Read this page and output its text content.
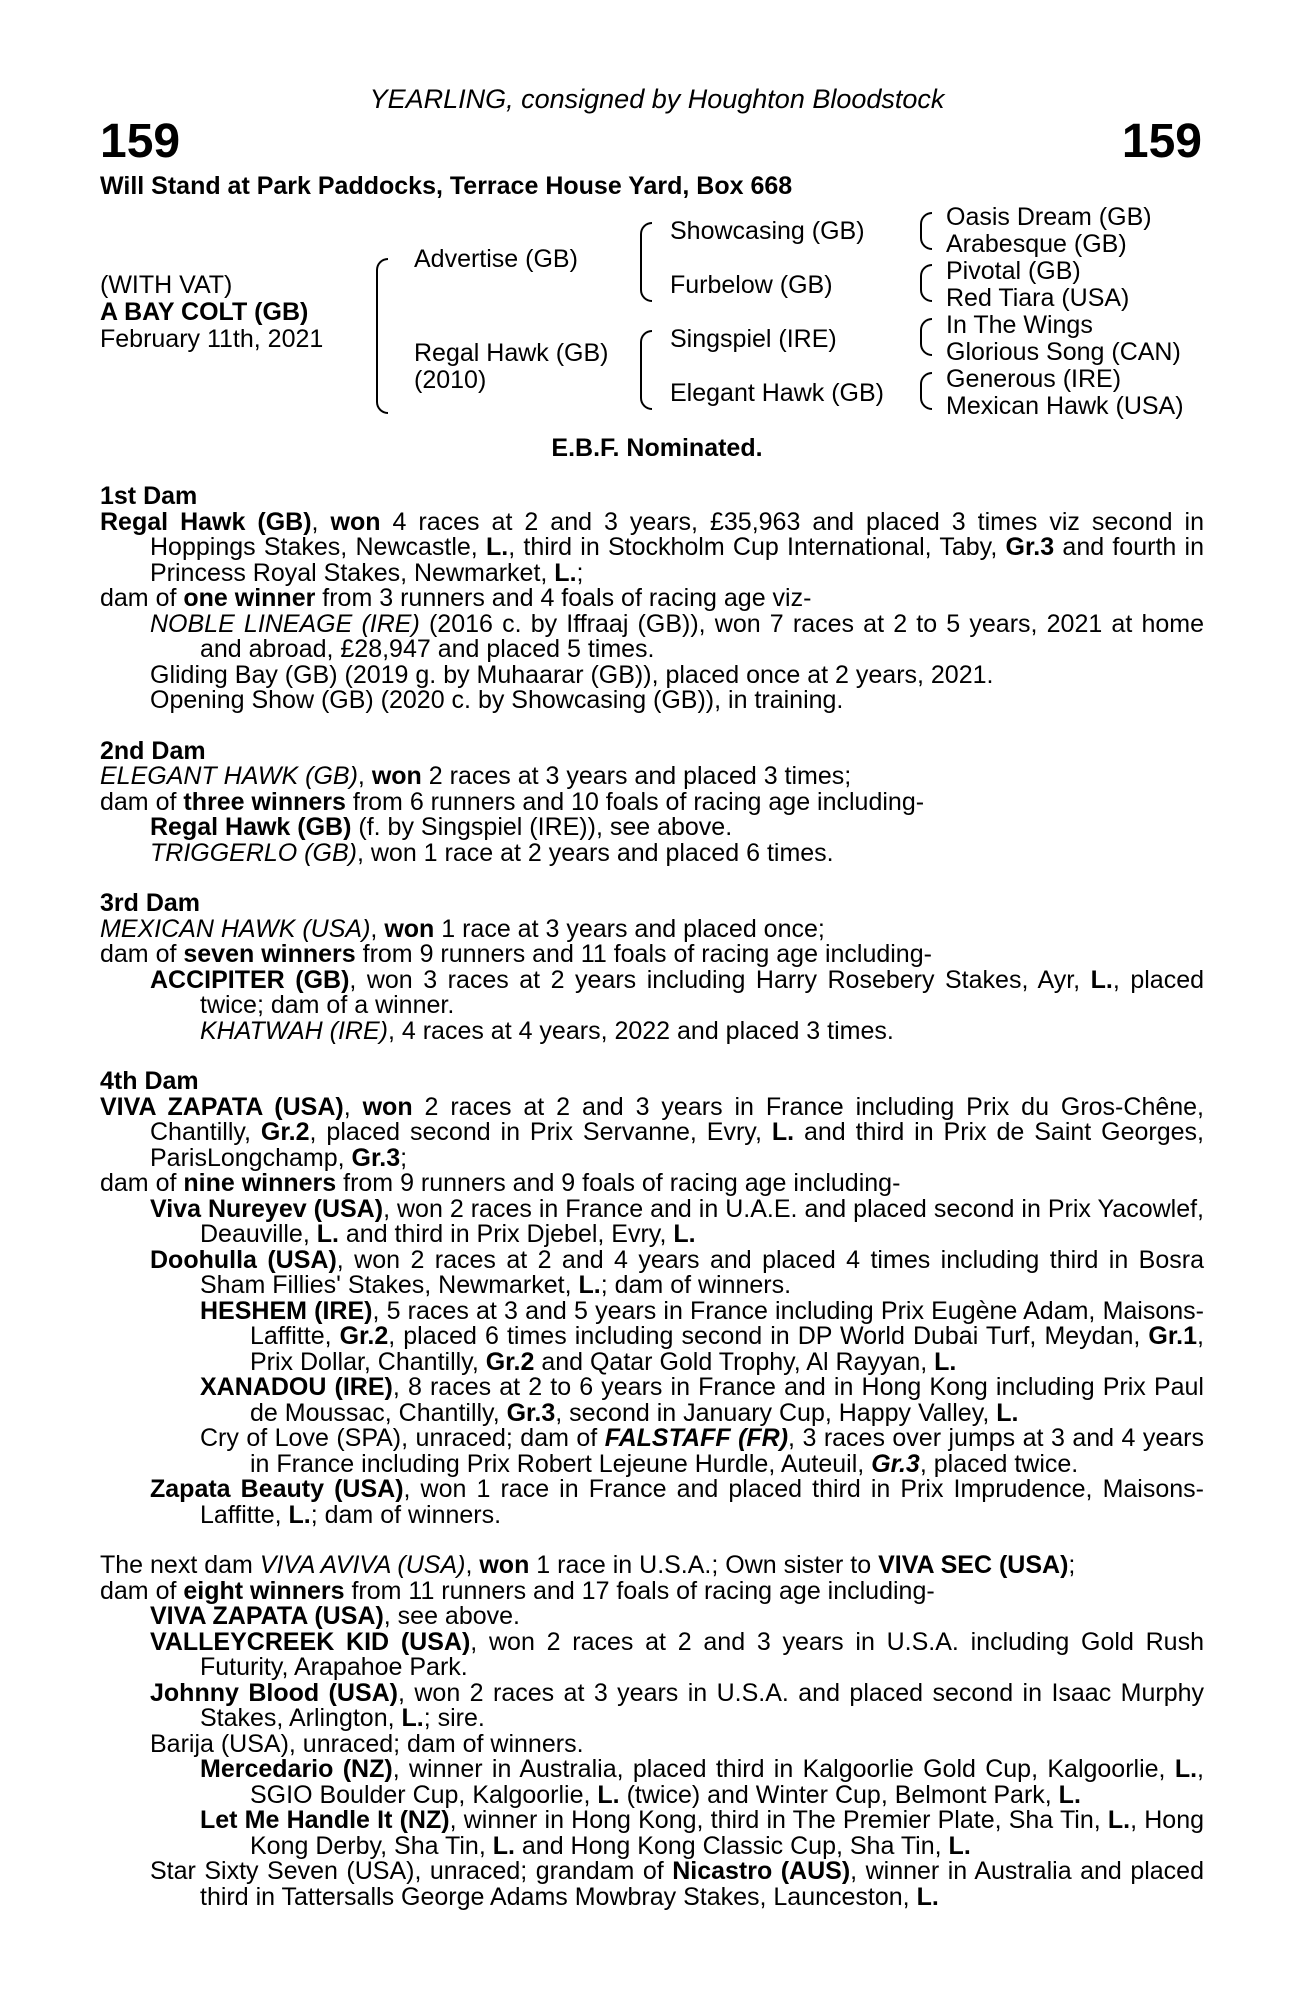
YEARLING, consigned by Houghton Bloodstock
159	159
Will Stand at Park Paddocks, Terrace House Yard, Box 668
(WITH VAT)
A BAY COLT (GB)
February 11th, 2021
Advertise (GB)
Regal Hawk (GB)
(2010)
Showcasing (GB)
Furbelow (GB)
Singspiel (IRE)
Elegant Hawk (GB)
Oasis Dream (GB)
Arabesque (GB)
Pivotal (GB)
Red Tiara (USA)
In The Wings
Glorious Song (CAN)
Generous (IRE)
Mexican Hawk (USA)
E.B.F. Nominated.
1st Dam
Regal Hawk (GB), won 4 races at 2 and 3 years, £35,963 and placed 3 times viz second in Hoppings Stakes, Newcastle, L., third in Stockholm Cup International, Taby, Gr.3 and fourth in Princess Royal Stakes, Newmarket, L.;
dam of one winner from 3 runners and 4 foals of racing age viz-
NOBLE LINEAGE (IRE) (2016 c. by Iffraaj (GB)), won 7 races at 2 to 5 years, 2021 at home and abroad, £28,947 and placed 5 times.
Gliding Bay (GB) (2019 g. by Muhaarar (GB)), placed once at 2 years, 2021.
Opening Show (GB) (2020 c. by Showcasing (GB)), in training.
2nd Dam
ELEGANT HAWK (GB), won 2 races at 3 years and placed 3 times;
dam of three winners from 6 runners and 10 foals of racing age including-
Regal Hawk (GB) (f. by Singspiel (IRE)), see above.
TRIGGERLO (GB), won 1 race at 2 years and placed 6 times.
3rd Dam
MEXICAN HAWK (USA), won 1 race at 3 years and placed once;
dam of seven winners from 9 runners and 11 foals of racing age including-
ACCIPITER (GB), won 3 races at 2 years including Harry Rosebery Stakes, Ayr, L., placed twice; dam of a winner.
KHATWAH (IRE), 4 races at 4 years, 2022 and placed 3 times.
4th Dam
VIVA ZAPATA (USA), won 2 races at 2 and 3 years in France including Prix du Gros-Chêne, Chantilly, Gr.2, placed second in Prix Servanne, Evry, L. and third in Prix de Saint Georges, ParisLongchamp, Gr.3;
dam of nine winners from 9 runners and 9 foals of racing age including-
Viva Nureyev (USA), won 2 races in France and in U.A.E. and placed second in Prix Yacowlef, Deauville, L. and third in Prix Djebel, Evry, L.
Doohulla (USA), won 2 races at 2 and 4 years and placed 4 times including third in Bosra Sham Fillies' Stakes, Newmarket, L.; dam of winners.
HESHEM (IRE), 5 races at 3 and 5 years in France including Prix Eugène Adam, Maisons-Laffitte, Gr.2, placed 6 times including second in DP World Dubai Turf, Meydan, Gr.1, Prix Dollar, Chantilly, Gr.2 and Qatar Gold Trophy, Al Rayyan, L.
XANADOU (IRE), 8 races at 2 to 6 years in France and in Hong Kong including Prix Paul de Moussac, Chantilly, Gr.3, second in January Cup, Happy Valley, L.
Cry of Love (SPA), unraced; dam of FALSTAFF (FR), 3 races over jumps at 3 and 4 years in France including Prix Robert Lejeune Hurdle, Auteuil, Gr.3, placed twice.
Zapata Beauty (USA), won 1 race in France and placed third in Prix Imprudence, Maisons-Laffitte, L.; dam of winners.
The next dam VIVA AVIVA (USA), won 1 race in U.S.A.; Own sister to VIVA SEC (USA);
dam of eight winners from 11 runners and 17 foals of racing age including-
VIVA ZAPATA (USA), see above.
VALLEYCREEK KID (USA), won 2 races at 2 and 3 years in U.S.A. including Gold Rush Futurity, Arapahoe Park.
Johnny Blood (USA), won 2 races at 3 years in U.S.A. and placed second in Isaac Murphy Stakes, Arlington, L.; sire.
Barija (USA), unraced; dam of winners.
Mercedario (NZ), winner in Australia, placed third in Kalgoorlie Gold Cup, Kalgoorlie, L., SGIO Boulder Cup, Kalgoorlie, L. (twice) and Winter Cup, Belmont Park, L.
Let Me Handle It (NZ), winner in Hong Kong, third in The Premier Plate, Sha Tin, L., Hong Kong Derby, Sha Tin, L. and Hong Kong Classic Cup, Sha Tin, L.
Star Sixty Seven (USA), unraced; grandam of Nicastro (AUS), winner in Australia and placed third in Tattersalls George Adams Mowbray Stakes, Launceston, L.
